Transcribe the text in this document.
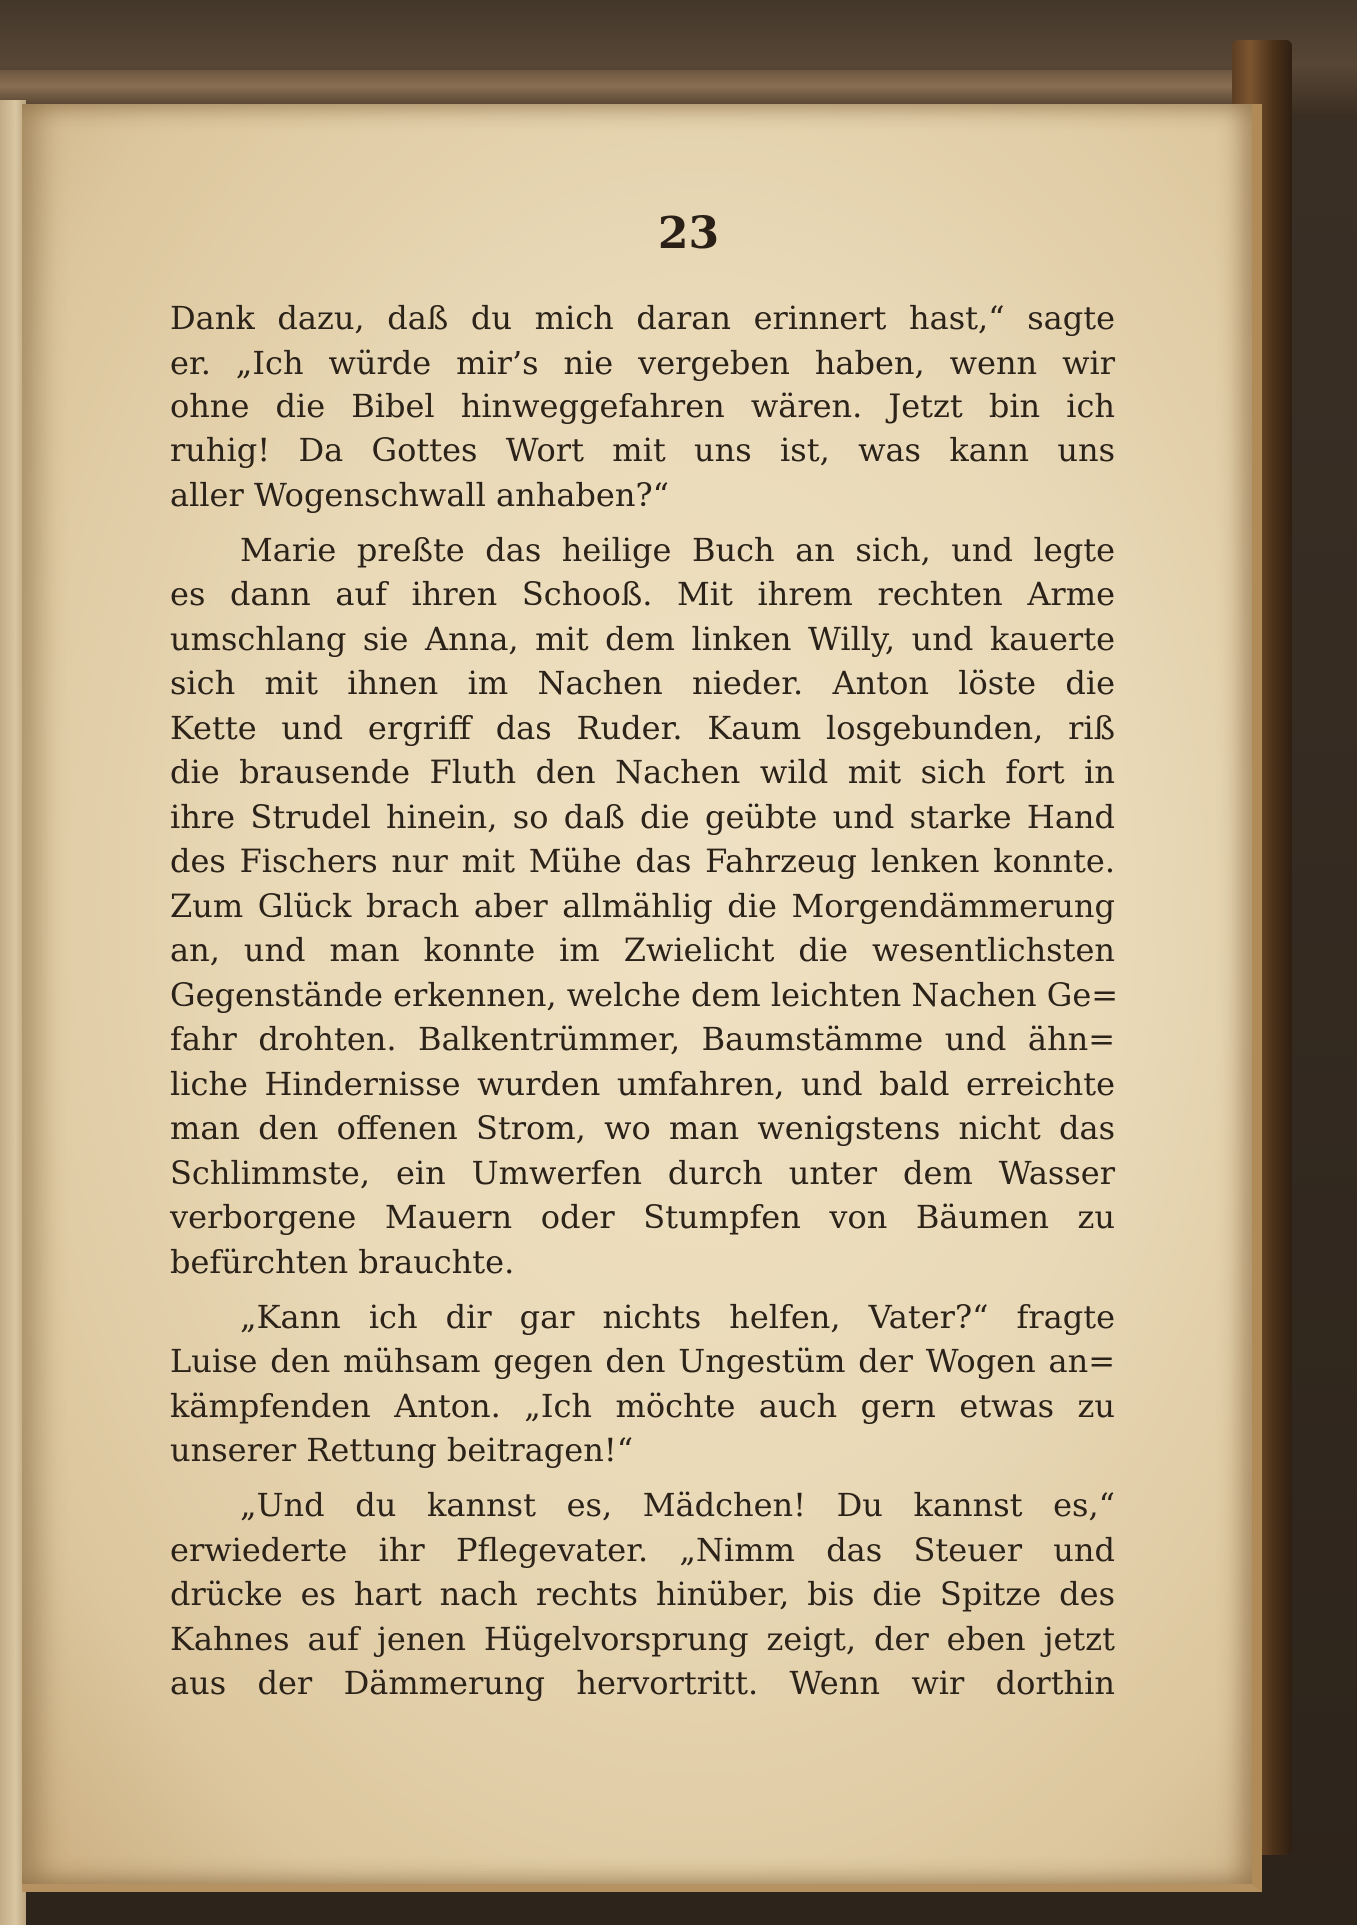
23
Dank dazu, daß du mich daran erinnert hast,“ sagte
er. „Ich würde mir’s nie vergeben haben, wenn wir
ohne die Bibel hinweggefahren wären. Jetzt bin ich
ruhig! Da Gottes Wort mit uns ist, was kann uns
aller Wogenschwall anhaben?“
Marie preßte das heilige Buch an sich, und legte
es dann auf ihren Schooß. Mit ihrem rechten Arme
umschlang sie Anna, mit dem linken Willy, und kauerte
sich mit ihnen im Nachen nieder. Anton löste die
Kette und ergriff das Ruder. Kaum losgebunden, riß
die brausende Fluth den Nachen wild mit sich fort in
ihre Strudel hinein, so daß die geübte und starke Hand
des Fischers nur mit Mühe das Fahrzeug lenken konnte.
Zum Glück brach aber allmählig die Morgendämmerung
an, und man konnte im Zwielicht die wesentlichsten
Gegenstände erkennen, welche dem leichten Nachen Ge=
fahr drohten. Balkentrümmer, Baumstämme und ähn=
liche Hindernisse wurden umfahren, und bald erreichte
man den offenen Strom, wo man wenigstens nicht das
Schlimmste, ein Umwerfen durch unter dem Wasser
verborgene Mauern oder Stumpfen von Bäumen zu
befürchten brauchte.
„Kann ich dir gar nichts helfen, Vater?“ fragte
Luise den mühsam gegen den Ungestüm der Wogen an=
kämpfenden Anton. „Ich möchte auch gern etwas zu
unserer Rettung beitragen!“
„Und du kannst es, Mädchen! Du kannst es,“
erwiederte ihr Pflegevater. „Nimm das Steuer und
drücke es hart nach rechts hinüber, bis die Spitze des
Kahnes auf jenen Hügelvorsprung zeigt, der eben jetzt
aus der Dämmerung hervortritt. Wenn wir dorthin
